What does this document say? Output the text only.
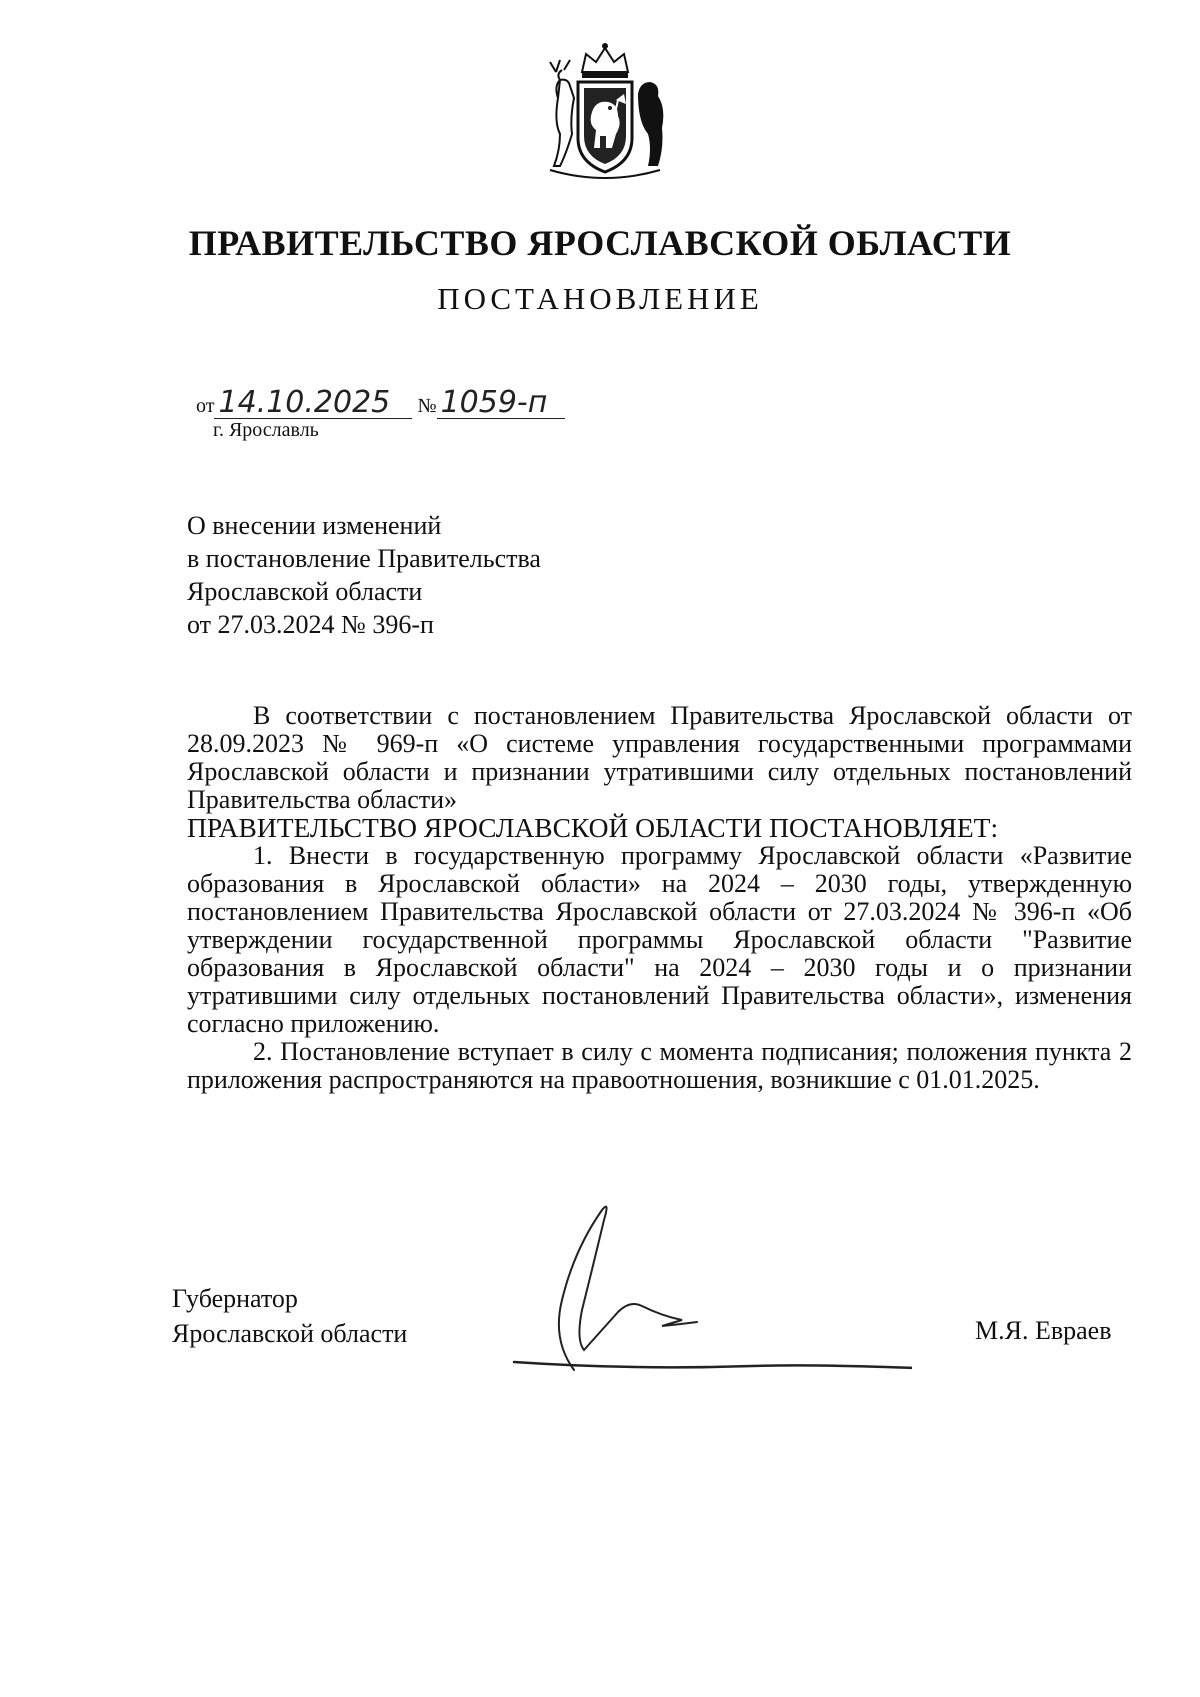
ПРАВИТЕЛЬСТВО ЯРОСЛАВСКОЙ ОБЛАСТИ
ПОСТАНОВЛЕНИЕ
от 14.10.2025 № 1059-п
г. Ярославль
О внесении изменений
в постановление Правительства
Ярославской области
от 27.03.2024 № 396-п

В соответствии с постановлением Правительства Ярославской области от 28.09.2023 № 969-п «О системе управления государственными программами Ярославской области и признании утратившими силу отдельных постановлений Правительства области»

ПРАВИТЕЛЬСТВО ЯРОСЛАВСКОЙ ОБЛАСТИ ПОСТАНОВЛЯЕТ:

1. Внести в государственную программу Ярославской области «Развитие образования в Ярославской области» на 2024 – 2030 годы, утвержденную постановлением Правительства Ярославской области от 27.03.2024 № 396-п «Об утверждении государственной программы Ярославской области "Развитие образования в Ярославской области" на 2024 – 2030 годы и о признании утратившими силу отдельных постановлений Правительства области», изменения согласно приложению.

2. Постановление вступает в силу с момента подписания; положения пункта 2 приложения распространяются на правоотношения, возникшие с 01.01.2025.

Губернатор
Ярославской области	М.Я. Евраев
